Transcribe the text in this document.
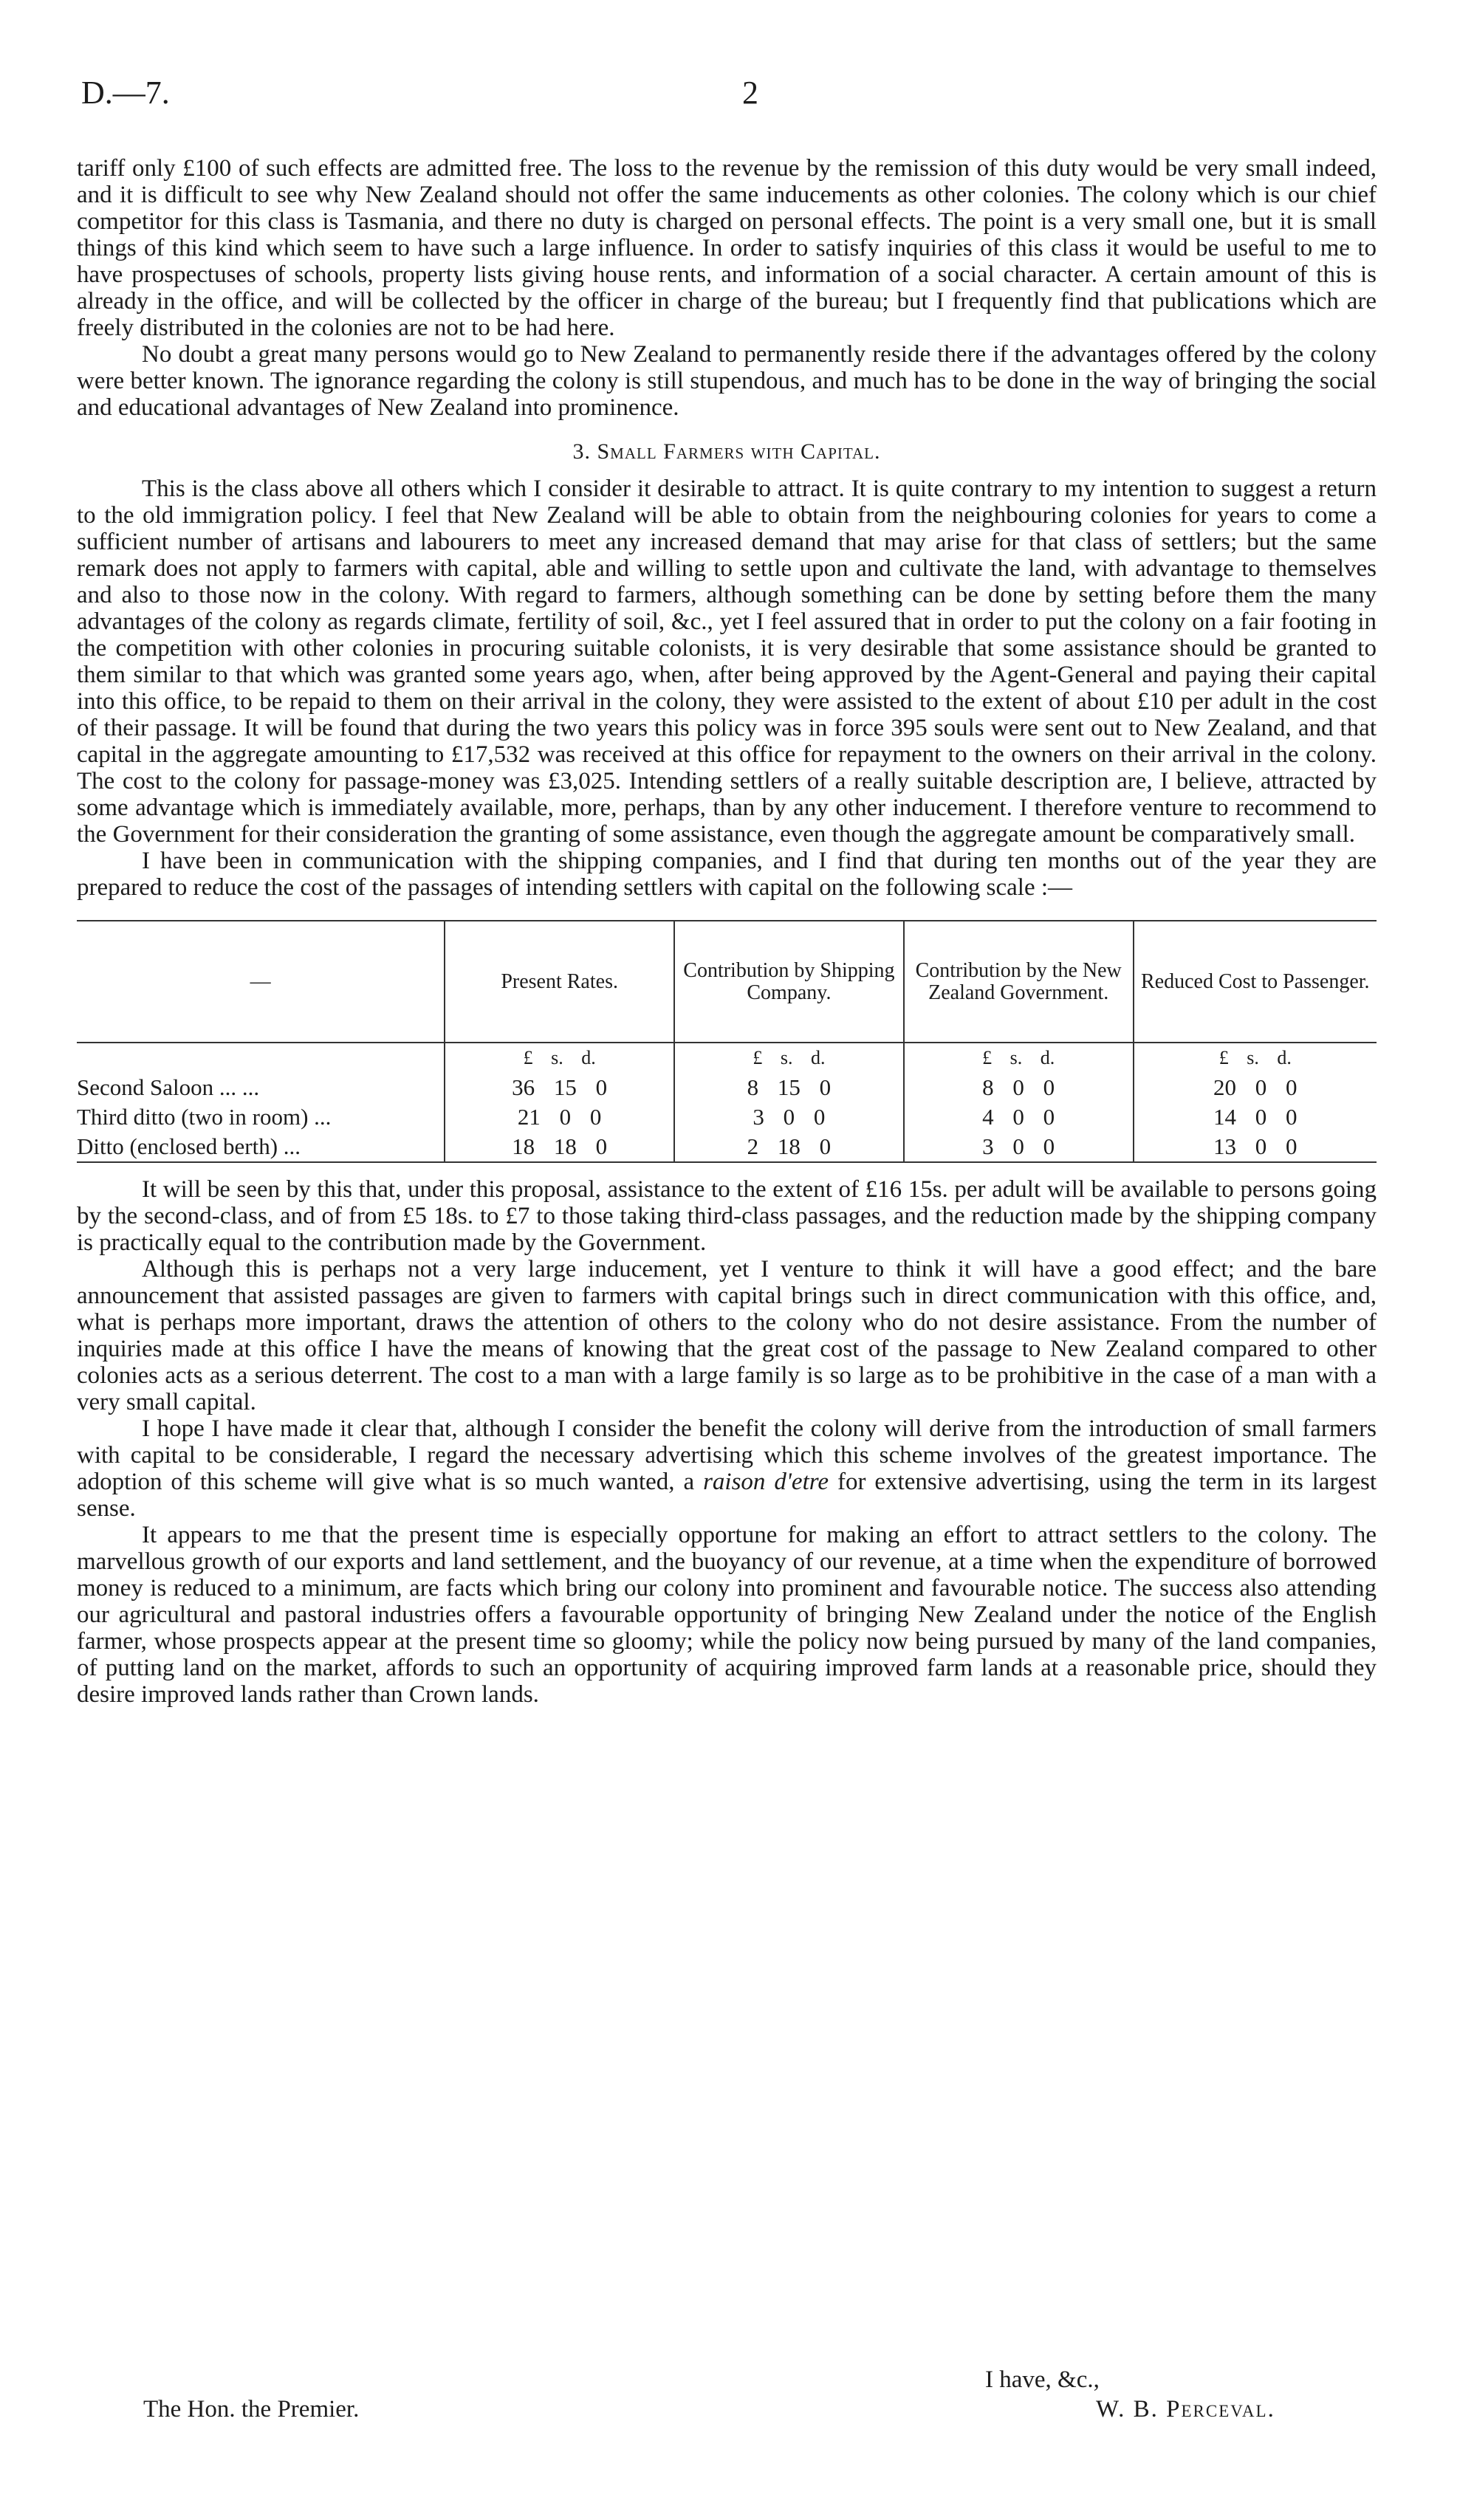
D.—7.	2

tariff only £100 of such effects are admitted free. The loss to the revenue by the remission of this duty would be very small indeed, and it is difficult to see why New Zealand should not offer the same inducements as other colonies. The colony which is our chief competitor for this class is Tasmania, and there no duty is charged on personal effects. The point is a very small one, but it is small things of this kind which seem to have such a large influence. In order to satisfy inquiries of this class it would be useful to me to have prospectuses of schools, property lists giving house rents, and information of a social character. A certain amount of this is already in the office, and will be collected by the officer in charge of the bureau; but I frequently find that publications which are freely distributed in the colonies are not to be had here.

No doubt a great many persons would go to New Zealand to permanently reside there if the advantages offered by the colony were better known. The ignorance regarding the colony is still stupendous, and much has to be done in the way of bringing the social and educational advantages of New Zealand into prominence.

3. Small Farmers with Capital.

This is the class above all others which I consider it desirable to attract. It is quite contrary to my intention to suggest a return to the old immigration policy. I feel that New Zealand will be able to obtain from the neighbouring colonies for years to come a sufficient number of artisans and labourers to meet any increased demand that may arise for that class of settlers; but the same remark does not apply to farmers with capital, able and willing to settle upon and cultivate the land, with advantage to themselves and also to those now in the colony. With regard to farmers, although something can be done by setting before them the many advantages of the colony as regards climate, fertility of soil, &c., yet I feel assured that in order to put the colony on a fair footing in the competition with other colonies in procuring suitable colonists, it is very desirable that some assistance should be granted to them similar to that which was granted some years ago, when, after being approved by the Agent-General and paying their capital into this office, to be repaid to them on their arrival in the colony, they were assisted to the extent of about £10 per adult in the cost of their passage. It will be found that during the two years this policy was in force 395 souls were sent out to New Zealand, and that capital in the aggregate amounting to £17,532 was received at this office for repayment to the owners on their arrival in the colony. The cost to the colony for passage-money was £3,025. Intending settlers of a really suitable description are, I believe, attracted by some advantage which is immediately available, more, perhaps, than by any other inducement. I therefore venture to recommend to the Government for their consideration the granting of some assistance, even though the aggregate amount be comparatively small.

I have been in communication with the shipping companies, and I find that during ten months out of the year they are prepared to reduce the cost of the passages of intending settlers with capital on the following scale :—

—	Present Rates.	Contribution by Shipping Company.	Contribution by the New Zealand Government.	Reduced Cost to Passenger.
	£ s. d.	£ s. d.	£ s. d.	£ s. d.
Second Saloon ... ...	36 15 0	8 15 0	8 0 0	20 0 0
Third ditto (two in room) ...	21 0 0	3 0 0	4 0 0	14 0 0
Ditto (enclosed berth) ...	18 18 0	2 18 0	3 0 0	13 0 0

It will be seen by this that, under this proposal, assistance to the extent of £16 15s. per adult will be available to persons going by the second-class, and of from £5 18s. to £7 to those taking third-class passages, and the reduction made by the shipping company is practically equal to the contribution made by the Government.

Although this is perhaps not a very large inducement, yet I venture to think it will have a good effect; and the bare announcement that assisted passages are given to farmers with capital brings such in direct communication with this office, and, what is perhaps more important, draws the attention of others to the colony who do not desire assistance. From the number of inquiries made at this office I have the means of knowing that the great cost of the passage to New Zealand compared to other colonies acts as a serious deterrent. The cost to a man with a large family is so large as to be prohibitive in the case of a man with a very small capital.

I hope I have made it clear that, although I consider the benefit the colony will derive from the introduction of small farmers with capital to be considerable, I regard the necessary advertising which this scheme involves of the greatest importance. The adoption of this scheme will give what is so much wanted, a raison d'etre for extensive advertising, using the term in its largest sense.

It appears to me that the present time is especially opportune for making an effort to attract settlers to the colony. The marvellous growth of our exports and land settlement, and the buoyancy of our revenue, at a time when the expenditure of borrowed money is reduced to a minimum, are facts which bring our colony into prominent and favourable notice. The success also attending our agricultural and pastoral industries offers a favourable opportunity of bringing New Zealand under the notice of the English farmer, whose prospects appear at the present time so gloomy; while the policy now being pursued by many of the land companies, of putting land on the market, affords to such an opportunity of acquiring improved farm lands at a reasonable price, should they desire improved lands rather than Crown lands.

I have, &c.,
The Hon. the Premier.	W. B. Perceval.
